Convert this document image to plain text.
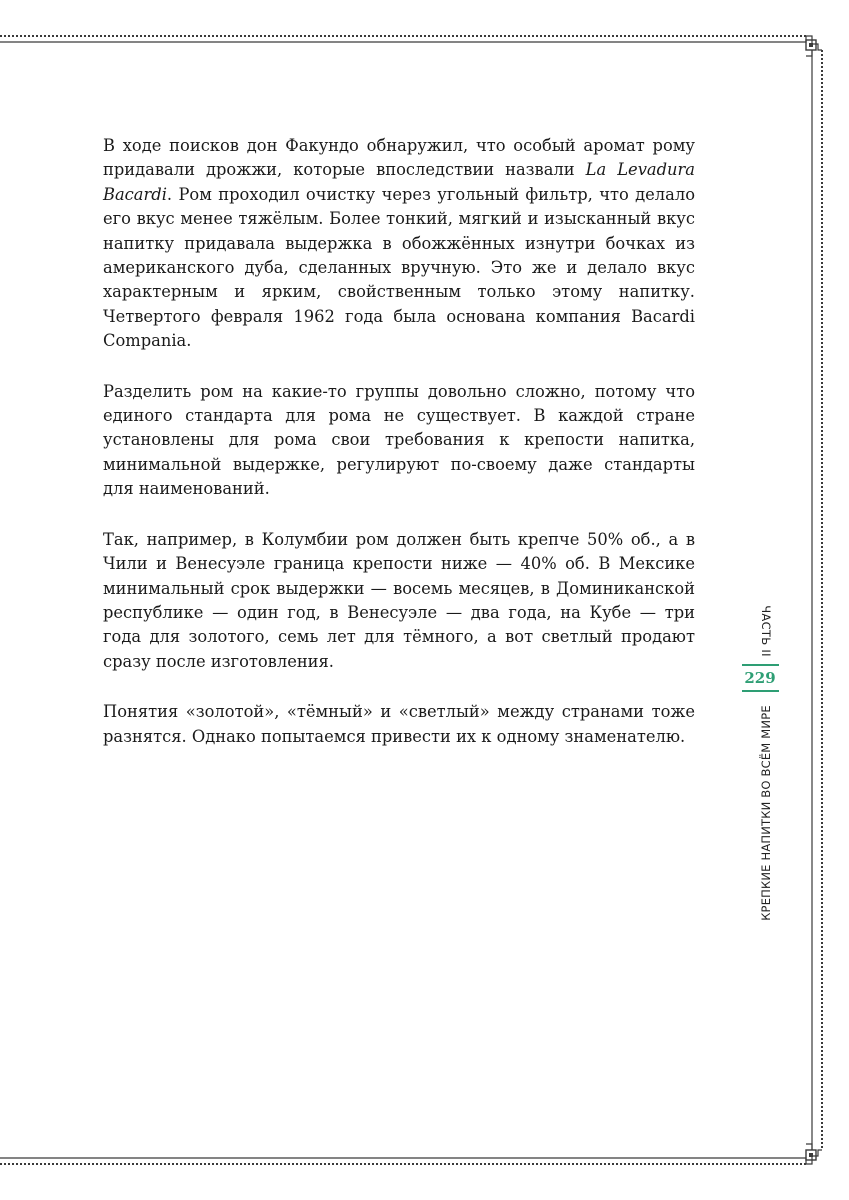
В ходе поисков дон Факундо обнаружил, что особый аромат рому придавали дрожжи, которые впоследствии назвали La Levadura Bacardi. Ром проходил очистку через угольный фильтр, что делало его вкус менее тяжёлым. Более тонкий, мягкий и изысканный вкус напитку придавала выдержка в обожжённых изнутри бочках из американского дуба, сделанных вручную. Это же и делало вкус характерным и ярким, свойственным только этому напитку. Четвертого февраля 1962 года была основана компания Bacardi Compania.

Разделить ром на какие-то группы довольно сложно, потому что единого стандарта для рома не существует. В каждой стране установлены для рома свои требования к крепости напитка, минимальной выдержке, регулируют по-своему даже стандарты для наименований.

Так, например, в Колумбии ром должен быть крепче 50% об., а в Чили и Венесуэле граница крепости ниже — 40% об. В Мексике минимальный срок выдержки — восемь месяцев, в Доминиканской республике — один год, в Венесуэле — два года, на Кубе — три года для золотого, семь лет для тёмного, а вот светлый продают сразу после изготовления.

Понятия «золотой», «тёмный» и «светлый» между странами тоже разнятся. Однако попытаемся привести их к одному знаменателю.

ЧАСТЬ II
229
КРЕПКИЕ НАПИТКИ ВО ВСЁМ МИРЕ
